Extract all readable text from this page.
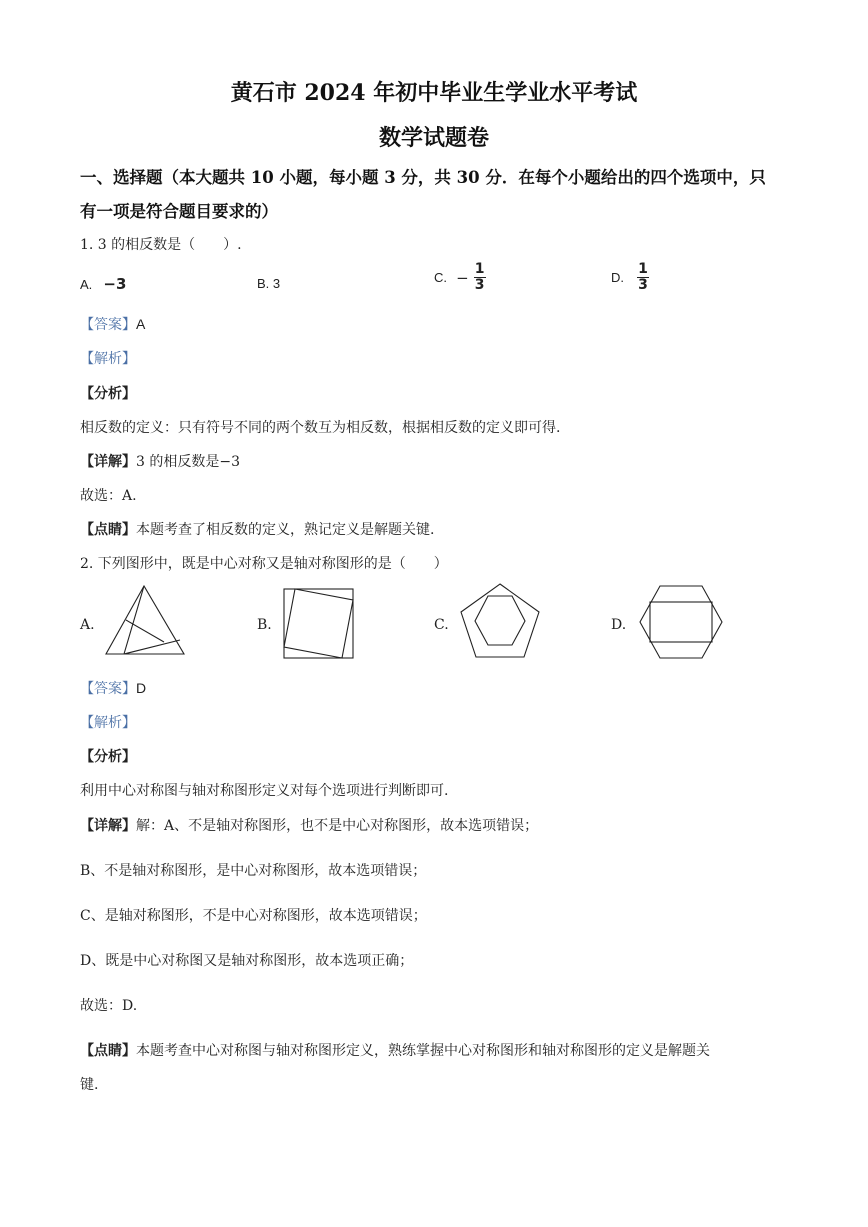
黄石市 2024 年初中毕业生学业水平考试
数学试题卷
一、选择题（本大题共 10 小题，每小题 3 分，共 30 分．在每个小题给出的四个选项中，只
有一项是符合题目要求的）
1. 3 的相反数是（　　）.
A. −3	B. 3	C. − $\frac{1}{3}$	D. $\frac{1}{3}$
【答案】A
【解析】
【分析】
相反数的定义：只有符号不同的两个数互为相反数，根据相反数的定义即可得.
【详解】3 的相反数是−3
故选：A.
【点睛】本题考查了相反数的定义，熟记定义是解题关键.
2. 下列图形中，既是中心对称又是轴对称图形的是（　　）
A.	B.	C.	D.
【答案】D
【解析】
【分析】
利用中心对称图与轴对称图形定义对每个选项进行判断即可.
【详解】解：A、不是轴对称图形，也不是中心对称图形，故本选项错误；
B、不是轴对称图形，是中心对称图形，故本选项错误；
C、是轴对称图形，不是中心对称图形，故本选项错误；
D、既是中心对称图又是轴对称图形，故本选项正确；
故选：D.
【点睛】本题考查中心对称图与轴对称图形定义，熟练掌握中心对称图形和轴对称图形的定义是解题关
键.
